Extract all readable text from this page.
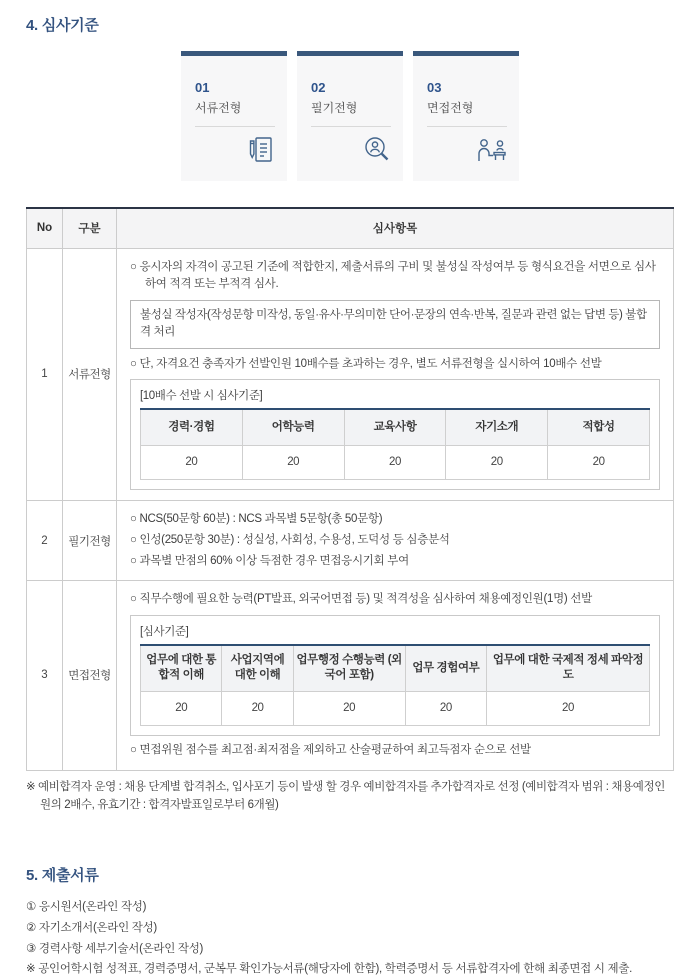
4. 심사기준
01
서류전형
02
필기전형
03
면접전형
No	구분	심사항목
1	서류전형	
○ 응시자의 자격이 공고된 기준에 적합한지, 제출서류의 구비 및 불성실 작성여부 등 형식요건을 서면으로 심사하여 적격 또는 부적격 심사.
불성실 작성자(작성문항 미작성, 동일·유사·무의미한 단어·문장의 연속·반복, 질문과 관련 없는 답변 등) 불합격 처리
○ 단, 자격요건 충족자가 선발인원 10배수를 초과하는 경우, 별도 서류전형을 실시하여 10배수 선발
[10배수 선발 시 심사기준]
경력·경험	어학능력	교육사항	자기소개	적합성
20	20	20	20	20

2	필기전형	
○ NCS(50문항 60분) : NCS 과목별 5문항(총 50문항)
○ 인성(250문항 30분) : 성실성, 사회성, 수용성, 도덕성 등 심층분석
○ 과목별 만점의 60% 이상 득점한 경우 면접응시기회 부여

3	면접전형	
○ 직무수행에 필요한 능력(PT발표, 외국어면접 등) 및 적격성을 심사하여 채용예정인원(1명) 선발
[심사기준]
업무에 대한 통합적 이해	사업지역에 대한 이해	업무행정 수행능력 (외국어 포함)	업무 경험여부	업무에 대한 국제적 정세 파악정도
20	20	20	20	20
○ 면접위원 점수를 최고점·최저점을 제외하고 산술평균하여 최고득점자 순으로 선발
※ 예비합격자 운영 : 채용 단계별 합격취소, 입사포기 등이 발생 할 경우 예비합격자를 추가합격자로 선정 (예비합격자 범위 : 채용예정인원의 2배수, 유효기간 : 합격자발표일로부터 6개월)
5. 제출서류
① 응시원서(온라인 작성)
② 자기소개서(온라인 작성)
③ 경력사항 세부기술서(온라인 작성)
※ 공인어학시험 성적표, 경력증명서, 군복무 확인가능서류(해당자에 한함), 학력증명서 등 서류합격자에 한해 최종면접 시 제출.
